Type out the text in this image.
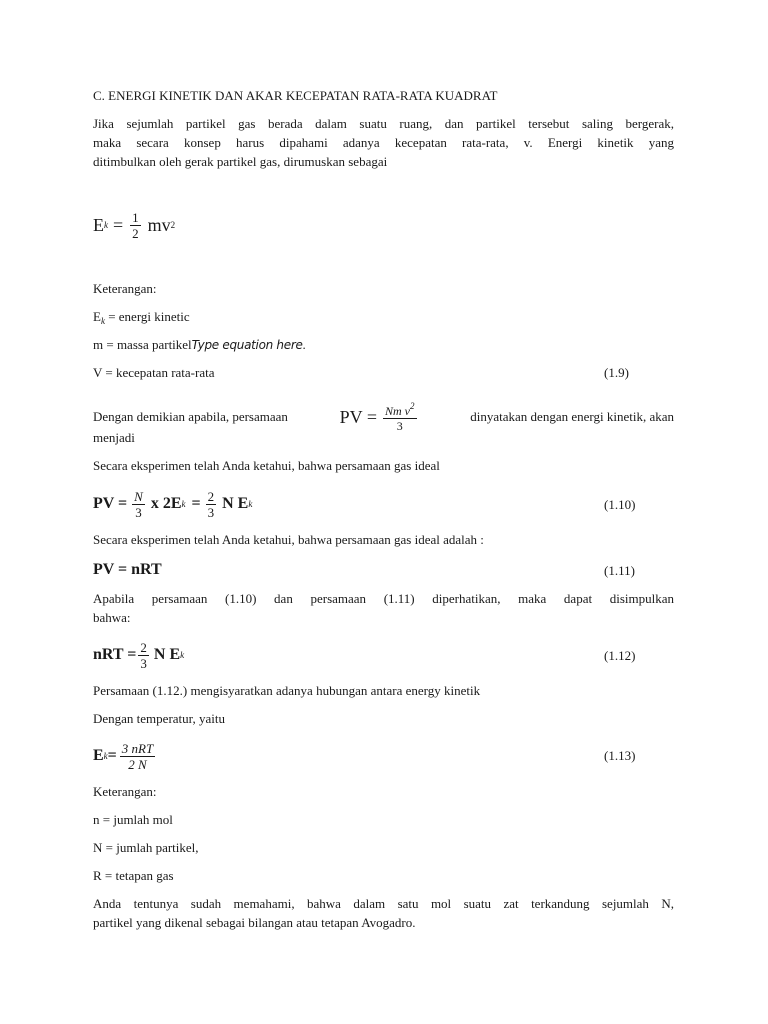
C. ENERGI KINETIK DAN AKAR KECEPATAN RATA-RATA KUADRAT
Jika sejumlah partikel gas berada dalam suatu ruang, dan partikel tersebut saling bergerak,
maka secara konsep harus dipahami adanya kecepatan rata-rata, v. Energi kinetik yang
ditimbulkan oleh gerak partikel gas, dirumuskan sebagai
E $k = \frac{1}{2}$ mv 2
Keterangan:
$E_k$ = energi kinetic
m = massa partikelType equation here.
V = kecepatan rata-rata	(1.9)
Dengan demikian apabila, persamaan	PV = $\frac{Nm v^2}{3}$	dinyatakan dengan energi kinetik, akan
menjadi
Secara eksperimen telah Anda ketahui, bahwa persamaan gas ideal
PV = $\frac{N}{3}$ x 2E $k = \frac{2}{3}$ N E k	(1.10)
Secara eksperimen telah Anda ketahui, bahwa persamaan gas ideal adalah :
PV = nRT	(1.11)
Apabila persamaan (1.10) dan persamaan (1.11) diperhatikan, maka dapat disimpulkan
bahwa:
nRT = $\frac{2}{3}$ N E k	(1.12)
Persamaan (1.12.) mengisyaratkan adanya hubungan antara energy kinetik
Dengan temperatur, yaitu
E $k = \frac{\text{3 nRT}}{2 N}$	(1.13)
Keterangan:
n = jumlah mol
N = jumlah partikel,
R = tetapan gas
Anda tentunya sudah memahami, bahwa dalam satu mol suatu zat terkandung sejumlah N,
partikel yang dikenal sebagai bilangan atau tetapan Avogadro.
